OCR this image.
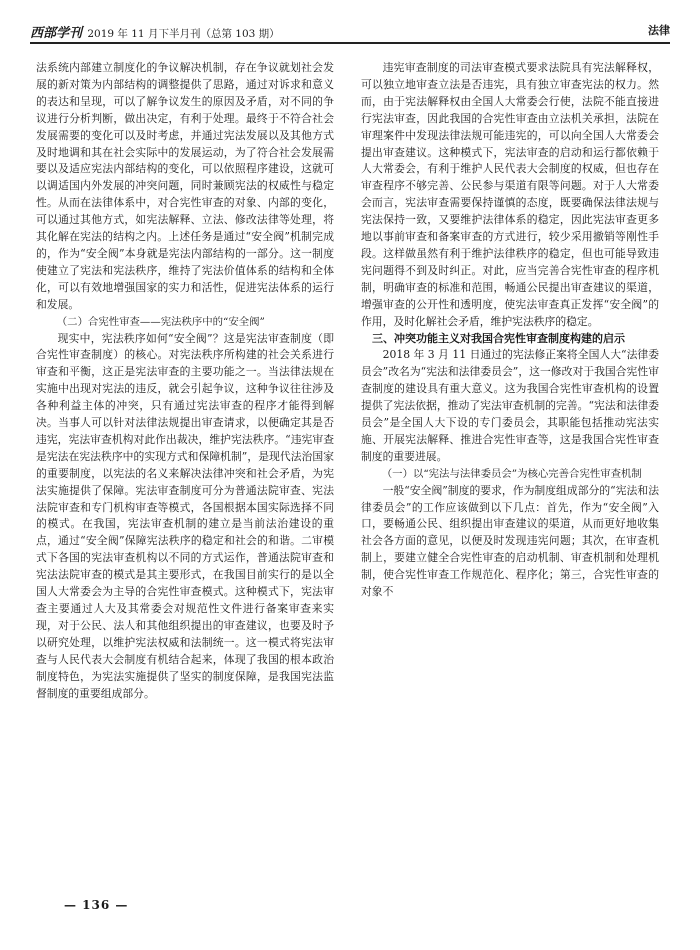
西部学刊 2019 年 11 月下半月刊（总第 103 期）	法律

法系统内部建立制度化的争议解决机制，存在争议就划社会发展的新对策为内部结构的调整提供了思路，通过对诉求和意义的表达和呈现，可以了解争议发生的原因及矛盾，对不同的争议进行分析判断，做出决定，有利于处理。最终于不符合社会发展需要的变化可以及时考虑，并通过宪法发展以及其他方式及时地调和其在社会实际中的发展运动，为了符合社会发展需要以及适应宪法内部结构的变化，可以依照程序建设，这就可以调适国内外发展的冲突问题，同时兼顾宪法的权威性与稳定性。从而在法律体系中，对合宪性审查的对象、内部的变化，可以通过其他方式，如宪法解释、立法、修改法律等处理，将其化解在宪法的结构之内。上述任务是通过“安全阀”机制完成的，作为“安全阀”本身就是宪法内部结构的一部分。这一制度使建立了宪法和宪法秩序，维持了宪法价值体系的结构和全体化，可以有效地增强国家的实力和活性，促进宪法体系的运行和发展。

（二）合宪性审查——宪法秩序中的“安全阀”

现实中，宪法秩序如何“安全阀”？这是宪法审查制度（即合宪性审查制度）的核心。对宪法秩序所构建的社会关系进行审查和平衡，这正是宪法审查的主要功能之一。当法律法规在实施中出现对宪法的违反，就会引起争议，这种争议往往涉及各种利益主体的冲突，只有通过宪法审查的程序才能得到解决。当事人可以针对法律法规提出审查请求，以便确定其是否违宪，宪法审查机构对此作出裁决，维护宪法秩序。“违宪审查是宪法在宪法秩序中的实现方式和保障机制”，是现代法治国家的重要制度，以宪法的名义来解决法律冲突和社会矛盾，为宪法实施提供了保障。宪法审查制度可分为普通法院审查、宪法法院审查和专门机构审查等模式，各国根据本国实际选择不同的模式。在我国，宪法审查机制的建立是当前法治建设的重点，通过“安全阀”保障宪法秩序的稳定和社会的和谐。二审模式下各国的宪法审查机构以不同的方式运作，普通法院审查和宪法法院审查的模式是其主要形式，在我国目前实行的是以全国人大常委会为主导的合宪性审查模式。这种模式下，宪法审查主要通过人大及其常委会对规范性文件进行备案审查来实现，对于公民、法人和其他组织提出的审查建议，也要及时予以研究处理，以维护宪法权威和法制统一。这一模式将宪法审查与人民代表大会制度有机结合起来，体现了我国的根本政治制度特色，为宪法实施提供了坚实的制度保障，是我国宪法监督制度的重要组成部分。

违宪审查制度的司法审查模式要求法院具有宪法解释权，可以独立地审查立法是否违宪，具有独立审查宪法的权力。然而，由于宪法解释权由全国人大常委会行使，法院不能直接进行宪法审查，因此我国的合宪性审查由立法机关承担，法院在审理案件中发现法律法规可能违宪的，可以向全国人大常委会提出审查建议。这种模式下，宪法审查的启动和运行都依赖于人大常委会，有利于维护人民代表大会制度的权威，但也存在审查程序不够完善、公民参与渠道有限等问题。对于人大常委会而言，宪法审查需要保持谨慎的态度，既要确保法律法规与宪法保持一致，又要维护法律体系的稳定，因此宪法审查更多地以事前审查和备案审查的方式进行，较少采用撤销等刚性手段。这样做虽然有利于维护法律秩序的稳定，但也可能导致违宪问题得不到及时纠正。对此，应当完善合宪性审查的程序机制，明确审查的标准和范围，畅通公民提出审查建议的渠道，增强审查的公开性和透明度，使宪法审查真正发挥“安全阀”的作用，及时化解社会矛盾，维护宪法秩序的稳定。

三、冲突功能主义对我国合宪性审查制度构建的启示

2018 年 3 月 11 日通过的宪法修正案将全国人大“法律委员会”改名为“宪法和法律委员会”，这一修改对于我国合宪性审查制度的建设具有重大意义。这为我国合宪性审查机构的设置提供了宪法依据，推动了宪法审查机制的完善。“宪法和法律委员会”是全国人大下设的专门委员会，其职能包括推动宪法实施、开展宪法解释、推进合宪性审查等，这是我国合宪性审查制度的重要进展。

（一）以“宪法与法律委员会”为核心完善合宪性审查机制

一般“安全阀”制度的要求，作为制度组成部分的“宪法和法律委员会”的工作应该做到以下几点：首先，作为“安全阀”入口，要畅通公民、组织提出审查建议的渠道，从而更好地收集社会各方面的意见，以便及时发现违宪问题；其次，在审查机制上，要建立健全合宪性审查的启动机制、审查机制和处理机制，使合宪性审查工作规范化、程序化；第三，合宪性审查的对象不

— 136 —
